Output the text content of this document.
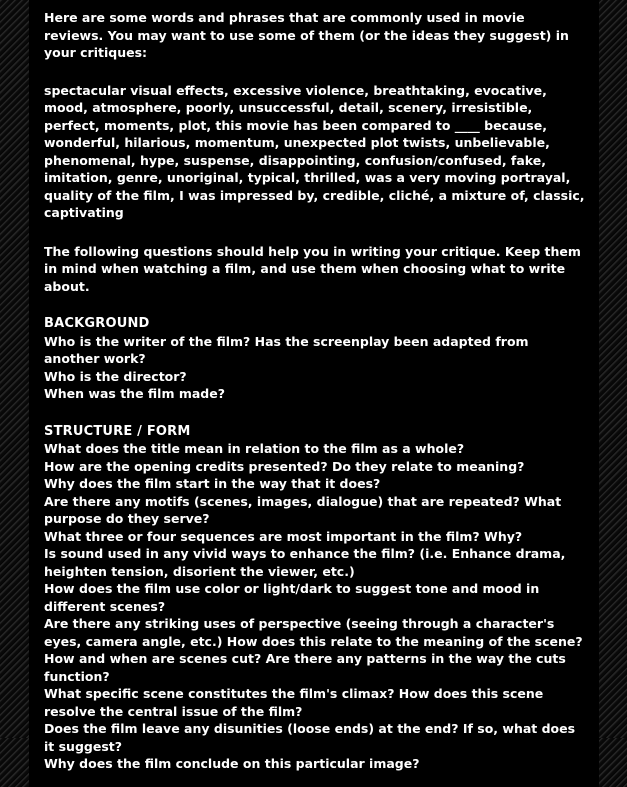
Here are some words and phrases that are commonly used in movie reviews. You may want to use some of them (or the ideas they suggest) in your critiques:

spectacular visual effects, excessive violence, breathtaking, evocative, mood, atmosphere, poorly, unsuccessful, detail, scenery, irresistible, perfect, moments, plot, this movie has been compared to ____ because, wonderful, hilarious, momentum, unexpected plot twists, unbelievable, phenomenal, hype, suspense, disappointing, confusion/confused, fake, imitation, genre, unoriginal, typical, thrilled, was a very moving portrayal, quality of the film, I was impressed by, credible, cliché, a mixture of, classic, captivating

The following questions should help you in writing your critique. Keep them in mind when watching a film, and use them when choosing what to write about.

BACKGROUND
Who is the writer of the film? Has the screenplay been adapted from another work?
Who is the director?
When was the film made?
STRUCTURE / FORM
What does the title mean in relation to the film as a whole?
How are the opening credits presented? Do they relate to meaning?
Why does the film start in the way that it does?
Are there any motifs (scenes, images, dialogue) that are repeated? What purpose do they serve?
What three or four sequences are most important in the film? Why?
Is sound used in any vivid ways to enhance the film? (i.e. Enhance drama, heighten tension, disorient the viewer, etc.)
How does the film use color or light/dark to suggest tone and mood in different scenes?
Are there any striking uses of perspective (seeing through a character's eyes, camera angle, etc.) How does this relate to the meaning of the scene?
How and when are scenes cut? Are there any patterns in the way the cuts function?
What specific scene constitutes the film's climax? How does this scene resolve the central issue of the film?
Does the film leave any disunities (loose ends) at the end? If so, what does it suggest?
Why does the film conclude on this particular image?
